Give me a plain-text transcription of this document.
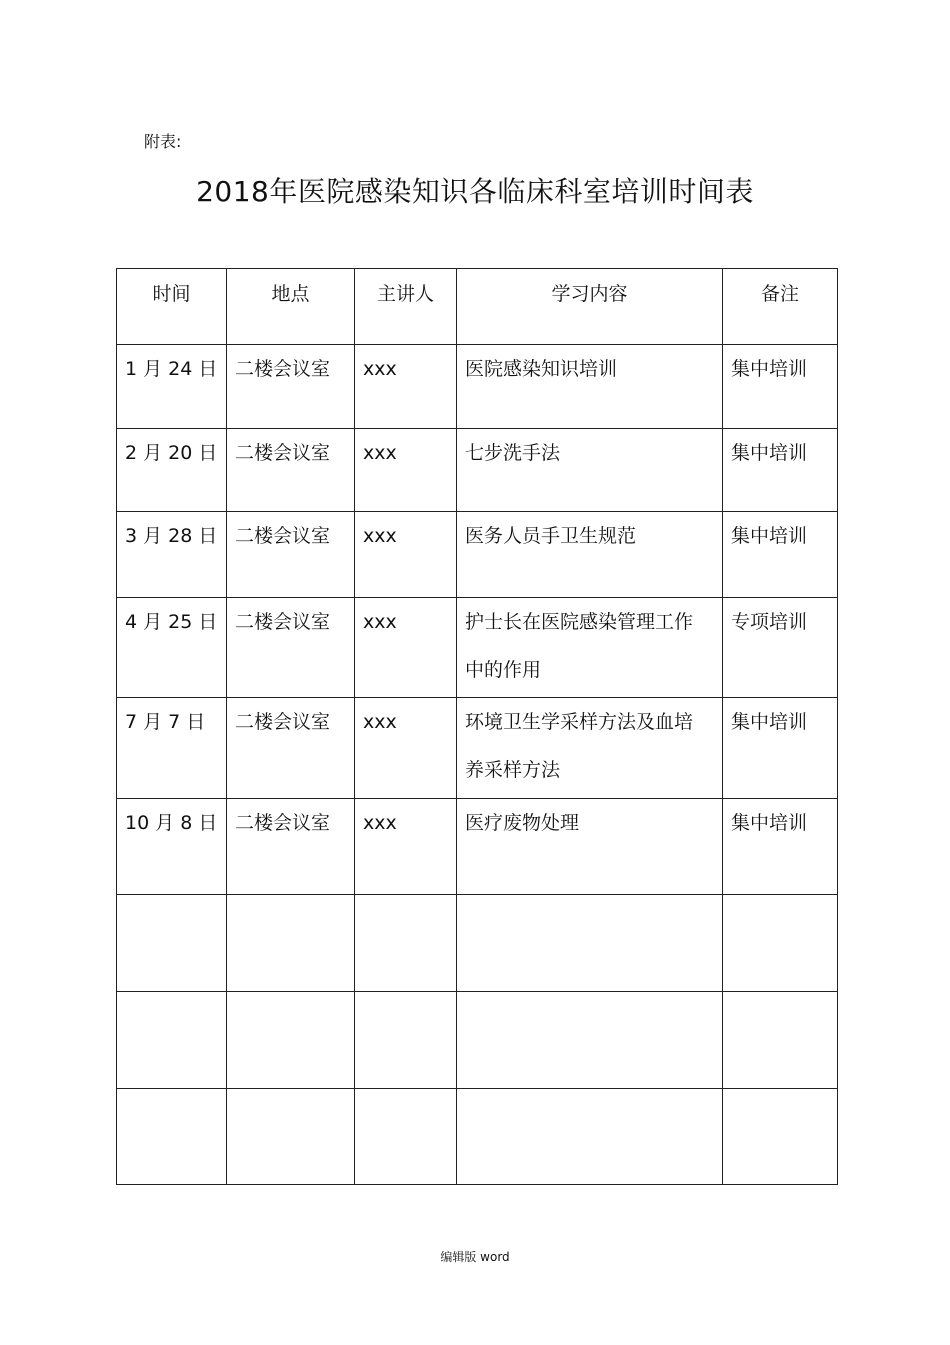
附表:
2018年医院感染知识各临床科室培训时间表
时间	地点	主讲人	学习内容	备注
1 月 24 日	二楼会议室	xxx	医院感染知识培训	集中培训
2 月 20 日	二楼会议室	xxx	七步洗手法	集中培训
3 月 28 日	二楼会议室	xxx	医务人员手卫生规范	集中培训
4 月 25 日	二楼会议室	xxx	护士长在医院感染管理工作中的作用	专项培训
7 月 7 日	二楼会议室	xxx	环境卫生学采样方法及血培养采样方法	集中培训
10 月 8 日	二楼会议室	xxx	医疗废物处理	集中培训

编辑版 word
